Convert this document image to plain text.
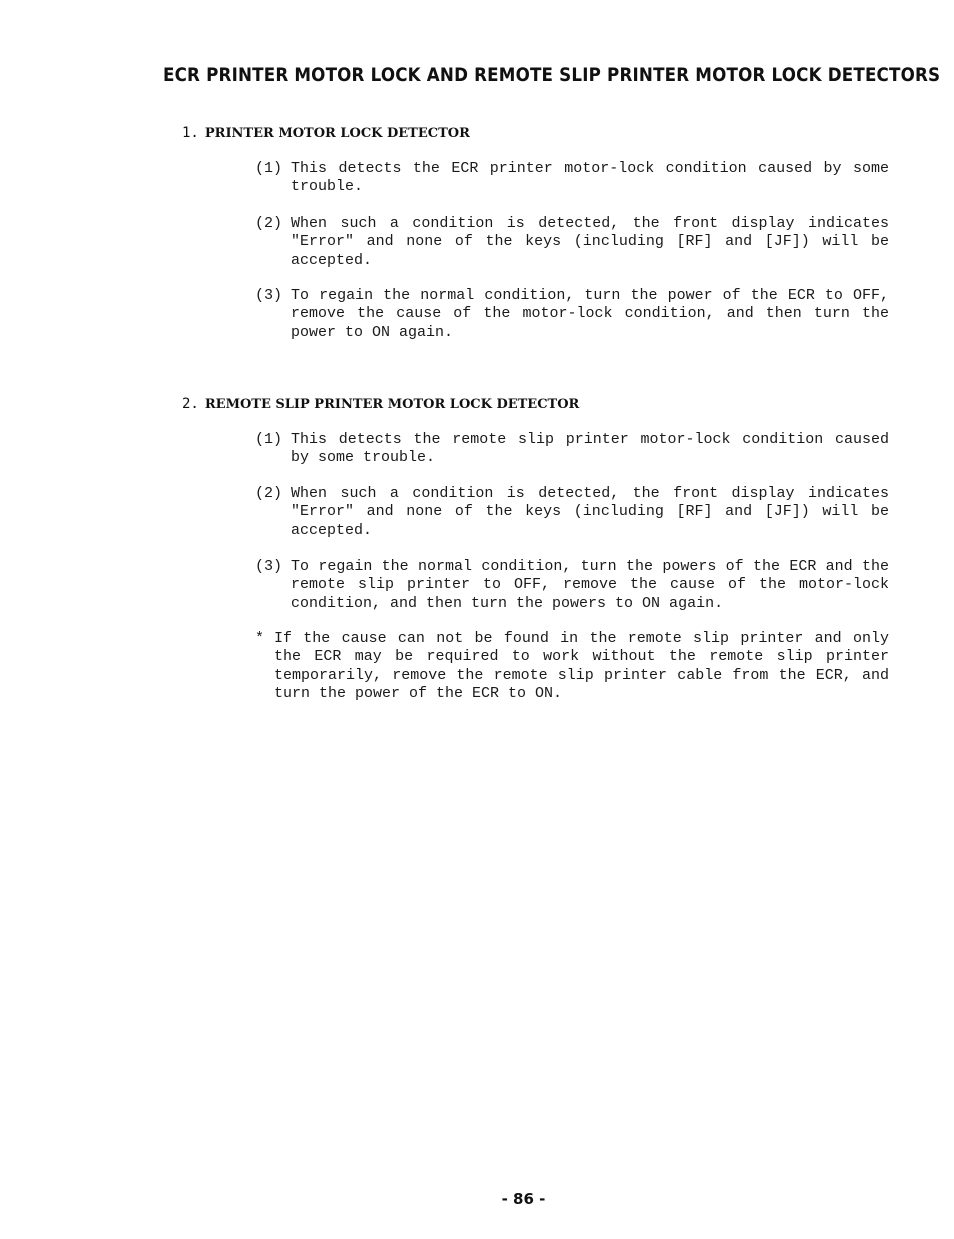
ECR PRINTER MOTOR LOCK AND REMOTE SLIP PRINTER MOTOR LOCK DETECTORS
1. PRINTER MOTOR LOCK DETECTOR
(1) This detects the ECR printer motor-lock condition caused by some trouble.
(2) When such a condition is detected, the front display indicates "Error" and none of the keys (including [RF] and [JF]) will be accepted.
(3) To regain the normal condition, turn the power of the ECR to OFF, remove the cause of the motor-lock condition, and then turn the power to ON again.
2. REMOTE SLIP PRINTER MOTOR LOCK DETECTOR
(1) This detects the remote slip printer motor-lock condition caused by some trouble.
(2) When such a condition is detected, the front display indicates "Error" and none of the keys (including [RF] and [JF]) will be accepted.
(3) To regain the normal condition, turn the powers of the ECR and the remote slip printer to OFF, remove the cause of the motor-lock condition, and then turn the powers to ON again.
* If the cause can not be found in the remote slip printer and only the ECR may be required to work without the remote slip printer temporarily, remove the remote slip printer cable from the ECR, and turn the power of the ECR to ON.
- 86 -
